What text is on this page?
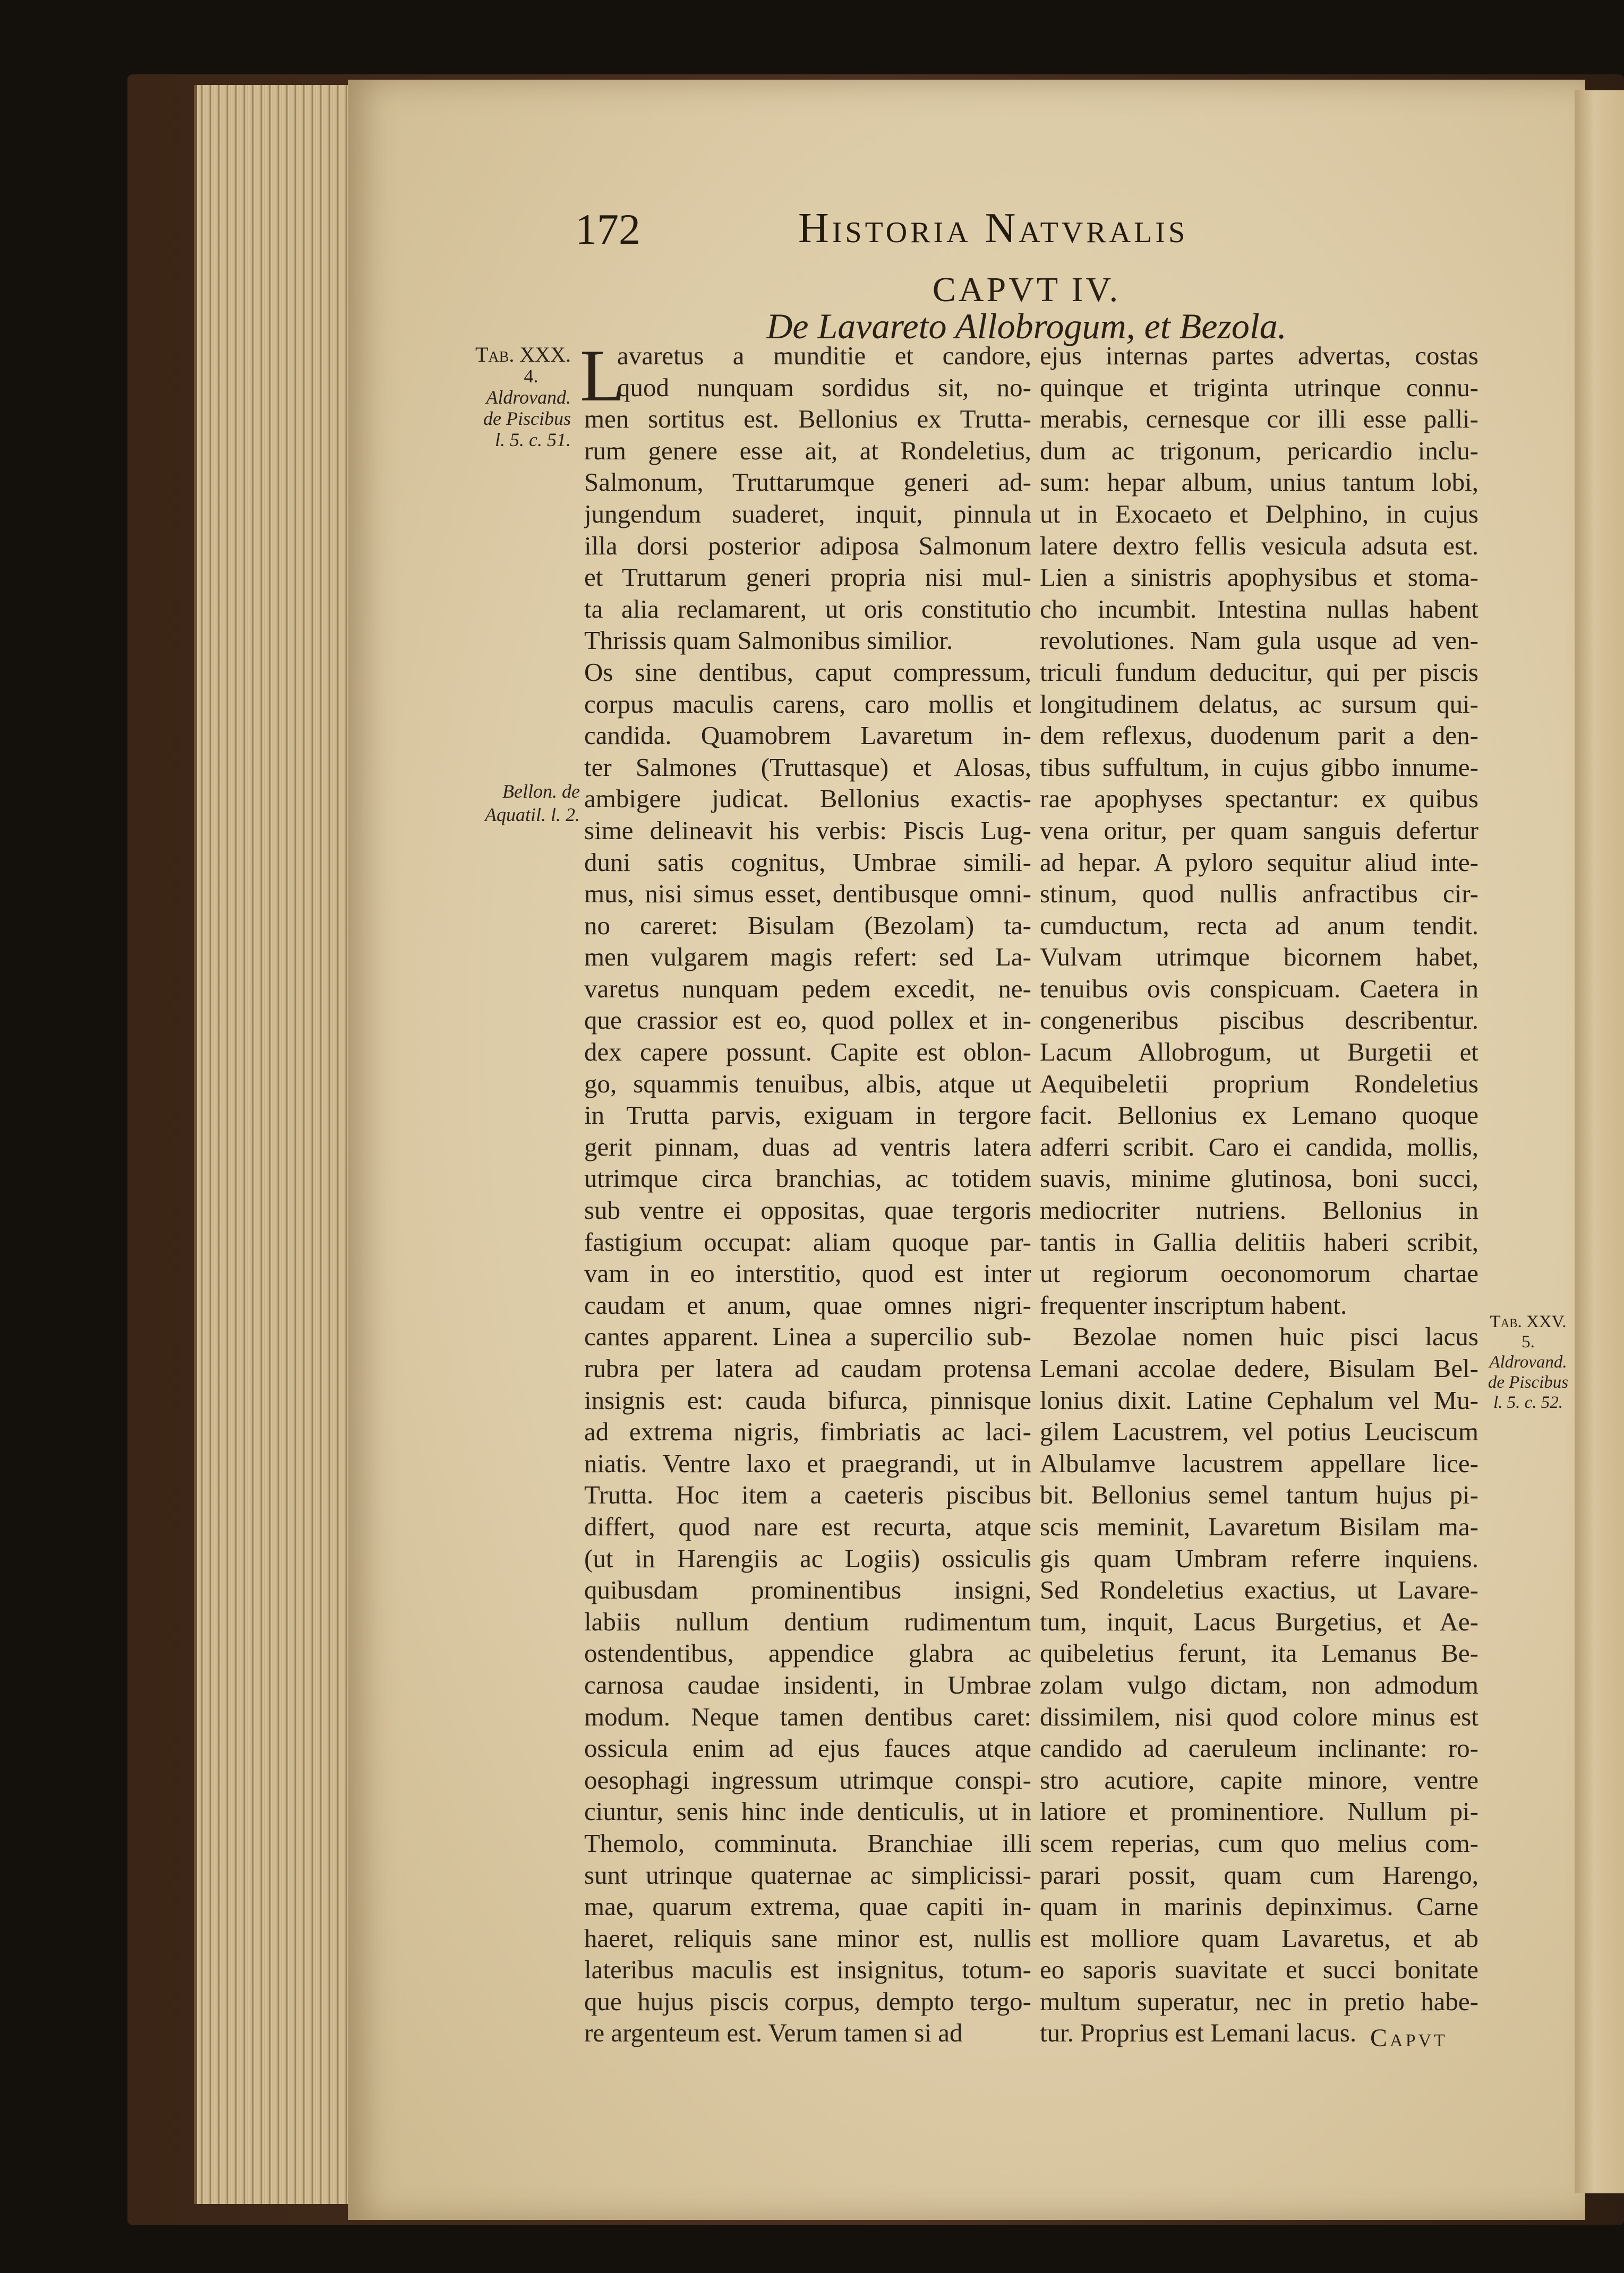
172	Historia Natvralis
CAPVT IV.
De Lavareto Allobrogum, et Bezola.
Tab. XXX.
4.
Aldrovand.
de Piscibus
l. 5. c. 51.
Bellon. de
Aquatil. l. 2.
Tab. XXV.
5.
Aldrovand.
de Piscibus
l. 5. c. 52.
L
avaretus a munditie et candore,
quod nunquam sordidus sit, no-
men sortitus est. Bellonius ex Trutta-
rum genere esse ait, at Rondeletius,
Salmonum, Truttarumque generi ad-
jungendum suaderet, inquit, pinnula
illa dorsi posterior adiposa Salmonum
et Truttarum generi propria nisi mul-
ta alia reclamarent, ut oris constitutio
Thrissis quam Salmonibus similior.
Os sine dentibus, caput compressum,
corpus maculis carens, caro mollis et
candida. Quamobrem Lavaretum in-
ter Salmones (Truttasque) et Alosas,
ambigere judicat. Bellonius exactis-
sime delineavit his verbis: Piscis Lug-
duni satis cognitus, Umbrae simili-
mus, nisi simus esset, dentibusque omni-
no careret: Bisulam (Bezolam) ta-
men vulgarem magis refert: sed La-
varetus nunquam pedem excedit, ne-
que crassior est eo, quod pollex et in-
dex capere possunt. Capite est oblon-
go, squammis tenuibus, albis, atque ut
in Trutta parvis, exiguam in tergore
gerit pinnam, duas ad ventris latera
utrimque circa branchias, ac totidem
sub ventre ei oppositas, quae tergoris
fastigium occupat: aliam quoque par-
vam in eo interstitio, quod est inter
caudam et anum, quae omnes nigri-
cantes apparent. Linea a supercilio sub-
rubra per latera ad caudam protensa
insignis est: cauda bifurca, pinnisque
ad extrema nigris, fimbriatis ac laci-
niatis. Ventre laxo et praegrandi, ut in
Trutta. Hoc item a caeteris piscibus
differt, quod nare est recurta, atque
(ut in Harengiis ac Logiis) ossiculis
quibusdam prominentibus insigni,
labiis nullum dentium rudimentum
ostendentibus, appendice glabra ac
carnosa caudae insidenti, in Umbrae
modum. Neque tamen dentibus caret:
ossicula enim ad ejus fauces atque
oesophagi ingressum utrimque conspi-
ciuntur, senis hinc inde denticulis, ut in
Themolo, comminuta. Branchiae illi
sunt utrinque quaternae ac simplicissi-
mae, quarum extrema, quae capiti in-
haeret, reliquis sane minor est, nullis
lateribus maculis est insignitus, totum-
que hujus piscis corpus, dempto tergo-
re argenteum est. Verum tamen si ad
ejus internas partes advertas, costas
quinque et triginta utrinque connu-
merabis, cernesque cor illi esse palli-
dum ac trigonum, pericardio inclu-
sum: hepar album, unius tantum lobi,
ut in Exocaeto et Delphino, in cujus
latere dextro fellis vesicula adsuta est.
Lien a sinistris apophysibus et stoma-
cho incumbit. Intestina nullas habent
revolutiones. Nam gula usque ad ven-
triculi fundum deducitur, qui per piscis
longitudinem delatus, ac sursum qui-
dem reflexus, duodenum parit a den-
tibus suffultum, in cujus gibbo innume-
rae apophyses spectantur: ex quibus
vena oritur, per quam sanguis defertur
ad hepar. A pyloro sequitur aliud inte-
stinum, quod nullis anfractibus cir-
cumductum, recta ad anum tendit.
Vulvam utrimque bicornem habet,
tenuibus ovis conspicuam. Caetera in
congeneribus piscibus describentur.
Lacum Allobrogum, ut Burgetii et
Aequibeletii proprium Rondeletius
facit. Bellonius ex Lemano quoque
adferri scribit. Caro ei candida, mollis,
suavis, minime glutinosa, boni succi,
mediocriter nutriens. Bellonius in
tantis in Gallia delitiis haberi scribit,
ut regiorum oeconomorum chartae
frequenter inscriptum habent.
Bezolae nomen huic pisci lacus
Lemani accolae dedere, Bisulam Bel-
lonius dixit. Latine Cephalum vel Mu-
gilem Lacustrem, vel potius Leuciscum
Albulamve lacustrem appellare lice-
bit. Bellonius semel tantum hujus pi-
scis meminit, Lavaretum Bisilam ma-
gis quam Umbram referre inquiens.
Sed Rondeletius exactius, ut Lavare-
tum, inquit, Lacus Burgetius, et Ae-
quibeletius ferunt, ita Lemanus Be-
zolam vulgo dictam, non admodum
dissimilem, nisi quod colore minus est
candido ad caeruleum inclinante: ro-
stro acutiore, capite minore, ventre
latiore et prominentiore. Nullum pi-
scem reperias, cum quo melius com-
parari possit, quam cum Harengo,
quam in marinis depinximus. Carne
est molliore quam Lavaretus, et ab
eo saporis suavitate et succi bonitate
multum superatur, nec in pretio habe-
tur. Proprius est Lemani lacus. Capvt
